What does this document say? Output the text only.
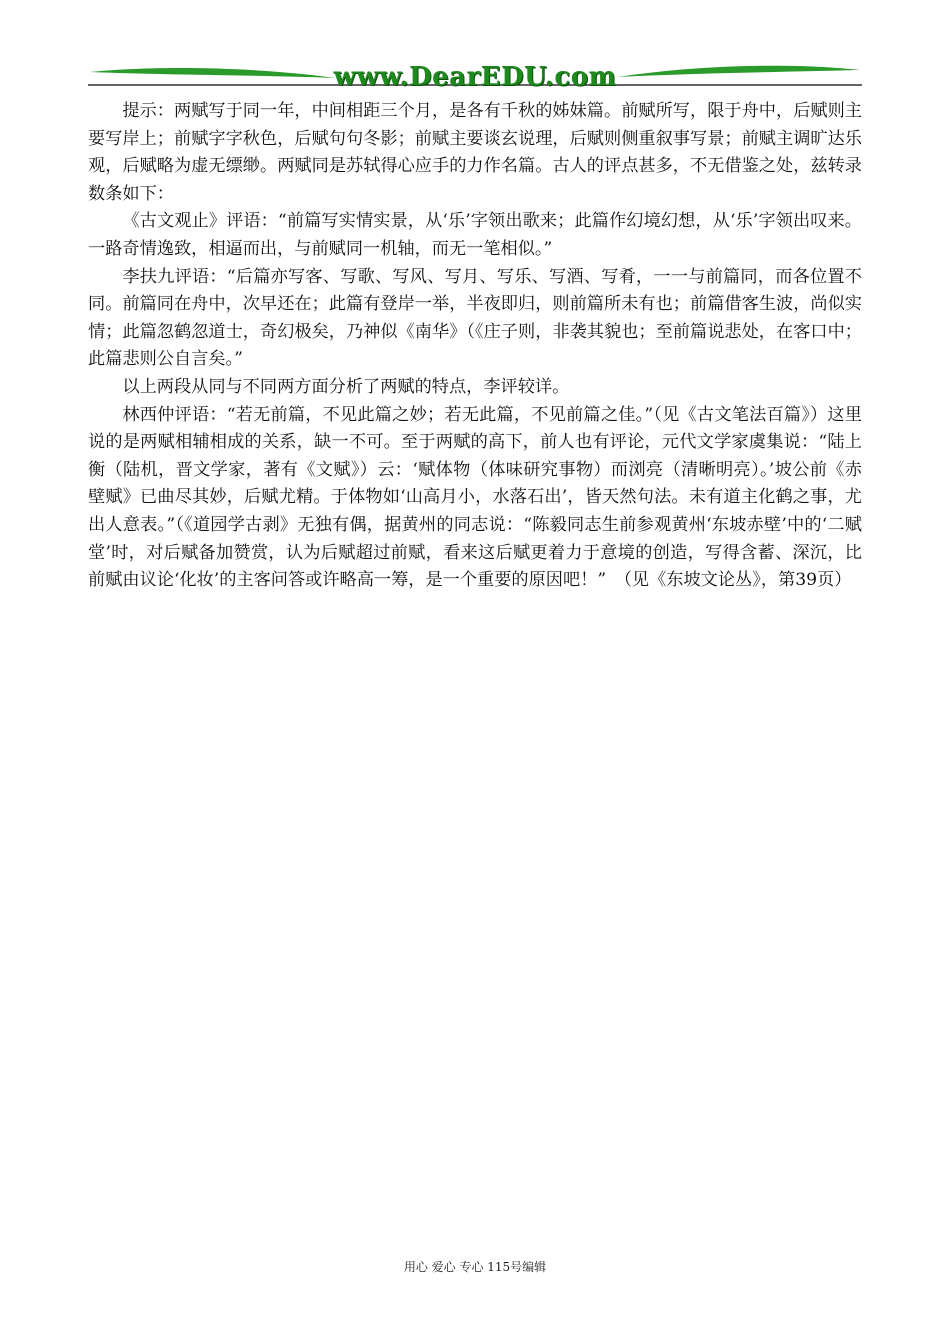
www.DearEDU.com

提示：两赋写于同一年，中间相距三个月，是各有千秋的姊妹篇。前赋所写，限于舟中，后赋则主要写岸上；前赋字字秋色，后赋句句冬影；前赋主要谈玄说理，后赋则侧重叙事写景；前赋主调旷达乐观，后赋略为虚无缥缈。两赋同是苏轼得心应手的力作名篇。古人的评点甚多，不无借鉴之处，兹转录数条如下：

《古文观止》评语：“前篇写实情实景，从‘乐’字领出歌来；此篇作幻境幻想，从‘乐’字领出叹来。一路奇情逸致，相逼而出，与前赋同一机轴，而无一笔相似。”

李扶九评语：“后篇亦写客、写歌、写风、写月、写乐、写酒、写肴，一一与前篇同，而各位置不同。前篇同在舟中，次早还在；此篇有登岸一举，半夜即归，则前篇所未有也；前篇借客生波，尚似实情；此篇忽鹤忽道士，奇幻极矣，乃神似《南华》（《庄子则，非袭其貌也；至前篇说悲处，在客口中；此篇悲则公自言矣。”

以上两段从同与不同两方面分析了两赋的特点，李评较详。

林西仲评语：“若无前篇，不见此篇之妙；若无此篇，不见前篇之佳。”（见《古文笔法百篇》）这里说的是两赋相辅相成的关系，缺一不可。至于两赋的高下，前人也有评论，元代文学家虞集说：“陆上衡（陆机，晋文学家，著有《文赋》）云：‘赋体物（体味研究事物）而浏亮（清晰明亮）。’坡公前《赤壁赋》已曲尽其妙，后赋尤精。于体物如‘山高月小，水落石出’，皆天然句法。未有道主化鹤之事，尤出人意表。”（《道园学古剥》无独有偶，据黄州的同志说：“陈毅同志生前参观黄州‘东坡赤壁’中的‘二赋堂’时，对后赋备加赞赏，认为后赋超过前赋，看来这后赋更着力于意境的创造，写得含蓄、深沉，比前赋由议论‘化妆’的主客问答或许略高一筹，是一个重要的原因吧！”　（见《东坡文论丛》，第39页）

用心 爱心 专心 115号编辑
